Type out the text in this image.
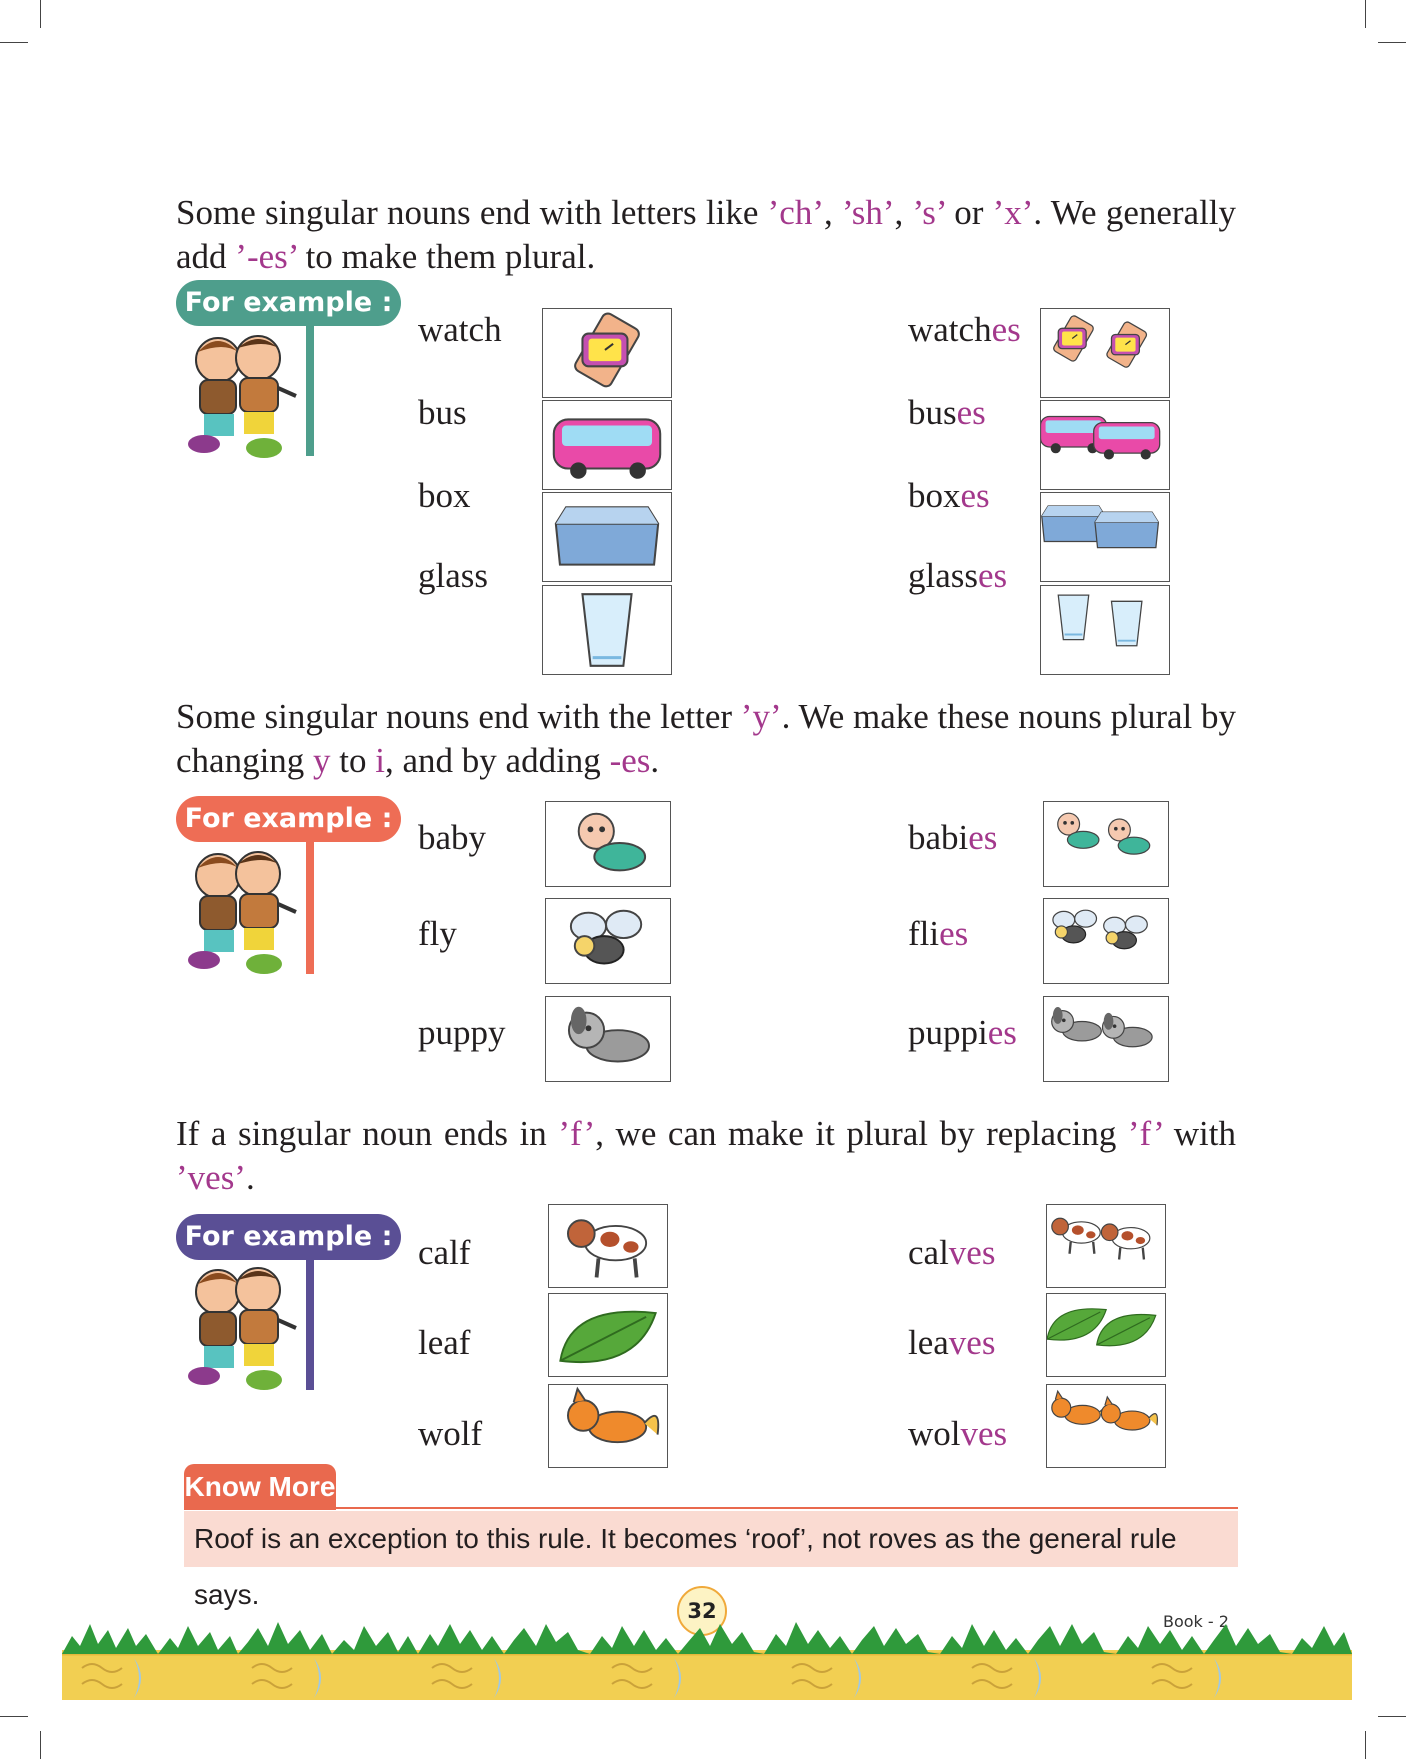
Some singular nouns end with letters like ’ch’, ’sh’, ’s’ or ’x’. We generally add ’-es’ to make them plural.
Some singular nouns end with the letter ’y’. We make these nouns plural by changing y to i, and by adding -es.
If a singular noun ends in ’f’, we can make it plural by replacing ’f’ with ’ves’.
For example :
For example :
For example :
watch	watches
bus	buses
box	boxes
glass	glasses
baby	babies
fly	flies
puppy	puppies
calf	calves
leaf	leaves
wolf	wolves
Know More
Roof is an exception to this rule. It becomes ‘roof’, not roves as the general rule says.
32	Book - 2
